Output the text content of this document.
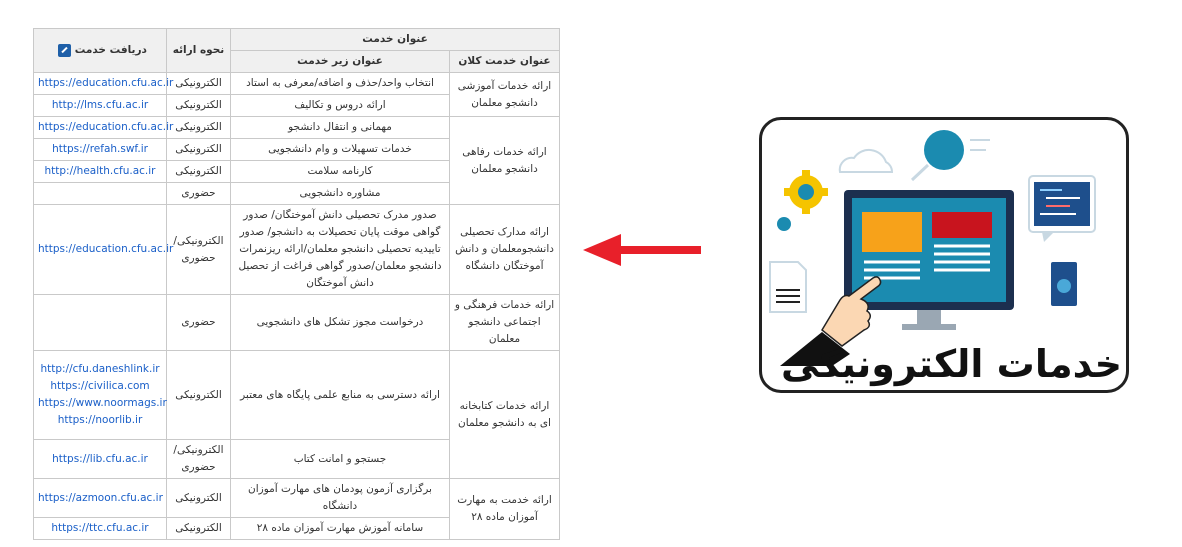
دریافت خدمت	نحوه ارائه	عنوان خدمت	
		عنوان زیر خدمت	عنوان خدمت کلان

https://education.cfu.ac.ir	الکترونیکی	انتخاب واحد/حذف و اضافه/معرفی به استاد	ارائه خدمات آموزشی دانشجو معلمان

http://lms.cfu.ac.ir	الکترونیکی	ارائه دروس و تکالیف	

https://education.cfu.ac.ir	الکترونیکی	مهمانی و انتقال دانشجو	ارائه خدمات رفاهی دانشجو معلمان

https://refah.swf.ir	الکترونیکی	خدمات تسهیلات و وام دانشجویی	

http://health.cfu.ac.ir	الکترونیکی	کارنامه سلامت	
	حضوری	مشاوره دانشجویی	

https://education.cfu.ac.ir	الکترونیکی/ حضوری	صدور مدرک تحصیلی دانش آموختگان/ صدور گواهی موقت پایان تحصیلات به دانشجو/ صدور تاییدیه تحصیلی دانشجو معلمان/ارائه ریزنمرات دانشجو معلمان/صدور گواهی فراغت از تحصیل دانش آموختگان	ارائه مدارک تحصیلی دانشجومعلمان و دانش آموختگان دانشگاه
	حضوری	درخواست مجوز تشکل های دانشجویی	ارائه خدمات فرهنگی و اجتماعی دانشجو معلمان

http://cfu.daneshlink.ir
https://civilica.com
https://www.noormags.ir
https://noorlib.ir	الکترونیکی	ارائه دسترسی به منابع علمی پایگاه های معتبر	ارائه خدمات کتابخانه ای به دانشجو معلمان

https://lib.cfu.ac.ir	الکترونیکی/ حضوری	جستجو و امانت کتاب	

https://azmoon.cfu.ac.ir	الکترونیکی	برگزاری آزمون پودمان های مهارت آموزان دانشگاه	ارائه خدمت به مهارت آموزان ماده ۲۸

https://ttc.cfu.ac.ir	الکترونیکی	سامانه آموزش مهارت آموزان ماده ۲۸	
خدمات الکترونیکی
